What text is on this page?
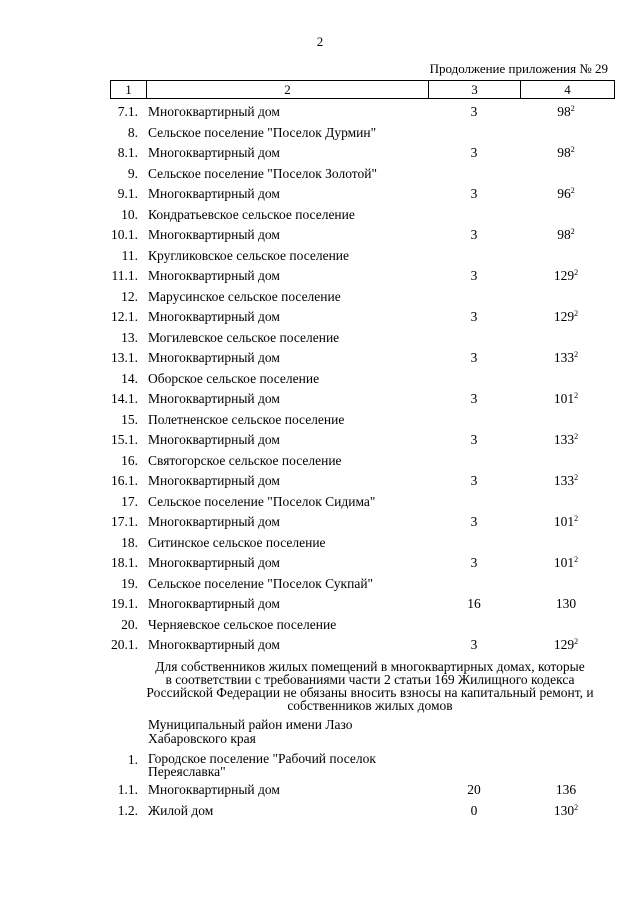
2
Продолжение приложения № 29
1	2	3	4
7.1. Многоквартирный дом	3	$98^2$
8. Сельское поселение "Поселок Дурмин"
8.1. Многоквартирный дом	3	$98^2$
9. Сельское поселение "Поселок Золотой"
9.1. Многоквартирный дом	3	$96^2$
10. Кондратьевское сельское поселение
10.1. Многоквартирный дом	3	$98^2$
11. Кругликовское сельское поселение
11.1. Многоквартирный дом	3	$129^2$
12. Марусинское сельское поселение
12.1. Многоквартирный дом	3	$129^2$
13. Могилевское сельское поселение
13.1. Многоквартирный дом	3	$133^2$
14. Оборское сельское поселение
14.1. Многоквартирный дом	3	$101^2$
15. Полетненское сельское поселение
15.1. Многоквартирный дом	3	$133^2$
16. Святогорское сельское поселение
16.1. Многоквартирный дом	3	$133^2$
17. Сельское поселение "Поселок Сидима"
17.1. Многоквартирный дом	3	$101^2$
18. Ситинское сельское поселение
18.1. Многоквартирный дом	3	$101^2$
19. Сельское поселение "Поселок Сукпай"
19.1. Многоквартирный дом	16	130
20. Черняевское сельское поселение
20.1. Многоквартирный дом	3	$129^2$
Для собственников жилых помещений в многоквартирных домах, которые
в соответствии с требованиями части 2 статьи 169 Жилищного кодекса
Российской Федерации не обязаны вносить взносы на капитальный ремонт, и
собственников жилых домов
Муниципальный район имени Лазо
Хабаровского края
1. Городское поселение "Рабочий поселок
Переяславка"
1.1. Многоквартирный дом	20	136
1.2. Жилой дом	0	$130^2$
